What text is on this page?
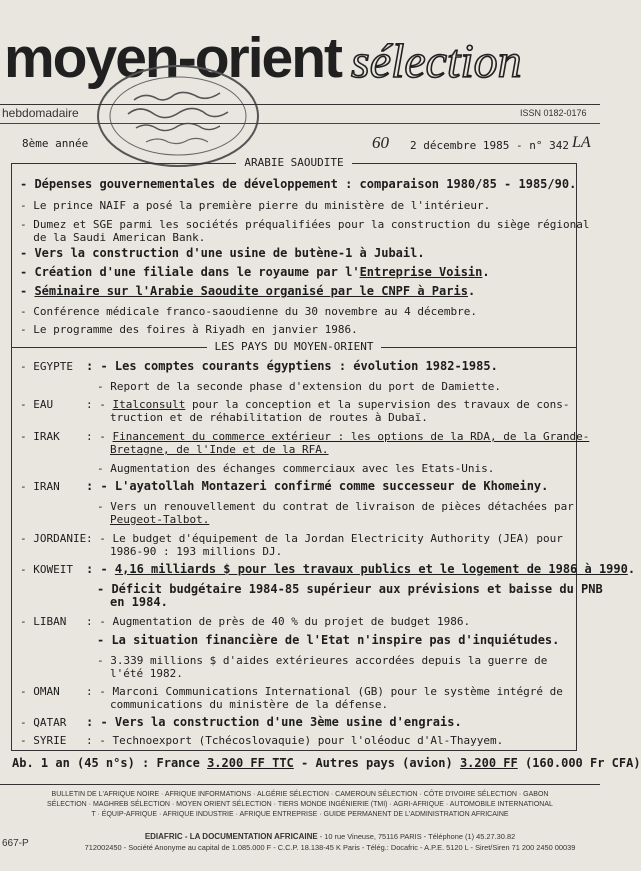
moyen-orient sélection
hebdomadaire	ISSN 0182-0176
8ème année	60 2 décembre 1985 - n° 342 LA
ARABIE SAOUDITE
- Dépenses gouvernementales de développement : comparaison 1980/85 - 1985/90.
- Le prince NAIF a posé la première pierre du ministère de l'intérieur.
- Dumez et SGE parmi les sociétés préqualifiées pour la construction du siège régional
de la Saudi American Bank.
- Vers la construction d'une usine de butène-1 à Jubail.
- Création d'une filiale dans le royaume par l'Entreprise Voisin.
- Séminaire sur l'Arabie Saoudite organisé par le CNPF à Paris.
- Conférence médicale franco-saoudienne du 30 novembre au 4 décembre.
- Le programme des foires à Riyadh en janvier 1986.
LES PAYS DU MOYEN-ORIENT
- EGYPTE : - Les comptes courants égyptiens : évolution 1982-1985.
- Report de la seconde phase d'extension du port de Damiette.
- EAU	: - Italconsult pour la conception et la supervision des travaux de cons-
truction et de réhabilitation de routes à Dubaï.
- IRAK : - Financement du commerce extérieur : les options de la RDA, de la Grande-
Bretagne, de l'Inde et de la RFA.
- Augmentation des échanges commerciaux avec les Etats-Unis.
- IRAN : - L'ayatollah Montazeri confirmé comme successeur de Khomeiny.
- Vers un renouvellement du contrat de livraison de pièces détachées par
Peugeot-Talbot.
- JORDANIE : - Le budget d'équipement de la Jordan Electricity Authority (JEA) pour
1986-90 : 193 millions DJ.
- KOWEIT : - 4,16 milliards $ pour les travaux publics et le logement de 1986 à 1990.
- Déficit budgétaire 1984-85 supérieur aux prévisions et baisse du PNB
en 1984.
- LIBAN : - Augmentation de près de 40 % du projet de budget 1986.
- La situation financière de l'Etat n'inspire pas d'inquiétudes.
- 3.339 millions $ d'aides extérieures accordées depuis la guerre de
l'été 1982.
- OMAN : - Marconi Communications International (GB) pour le système intégré de
communications du ministère de la défense.
- QATAR : - Vers la construction d'une 3ème usine d'engrais.
- SYRIE : - Technoexport (Tchécoslovaquie) pour l'oléoduc d'Al-Thayyem.
Ab. 1 an (45 n°s) : France 3.200 FF TTC - Autres pays (avion) 3.200 FF (160.000 Fr CFA)
BULLETIN DE L'AFRIQUE NOIRE · AFRIQUE INFORMATIONS · ALGÉRIE SÉLECTION · CAMEROUN SÉLECTION · CÔTE D'IVOIRE SÉLECTION · GABON
SÉLECTION · MAGHREB SÉLECTION · MOYEN ORIENT SÉLECTION · TIERS MONDE INGÉNIERIE (TMI) · AGRI-AFRIQUE · AUTOMOBILE INTERNATIONAL
T · ÉQUIP-AFRIQUE · AFRIQUE INDUSTRIE · AFRIQUE ENTREPRISE · GUIDE PERMANENT DE L'ADMINISTRATION AFRICAINE
667-P
EDIAFRIC - LA DOCUMENTATION AFRICAINE - 10 rue Vineuse, 75116 PARIS - Téléphone (1) 45.27.30.82
712002450 - Société Anonyme au capital de 1.085.000 F - C.C.P. 18.138-45 K Paris - Télég.: Docafric - A.P.E. 5120 L - Siret/Siren 71 200 2450 00039
